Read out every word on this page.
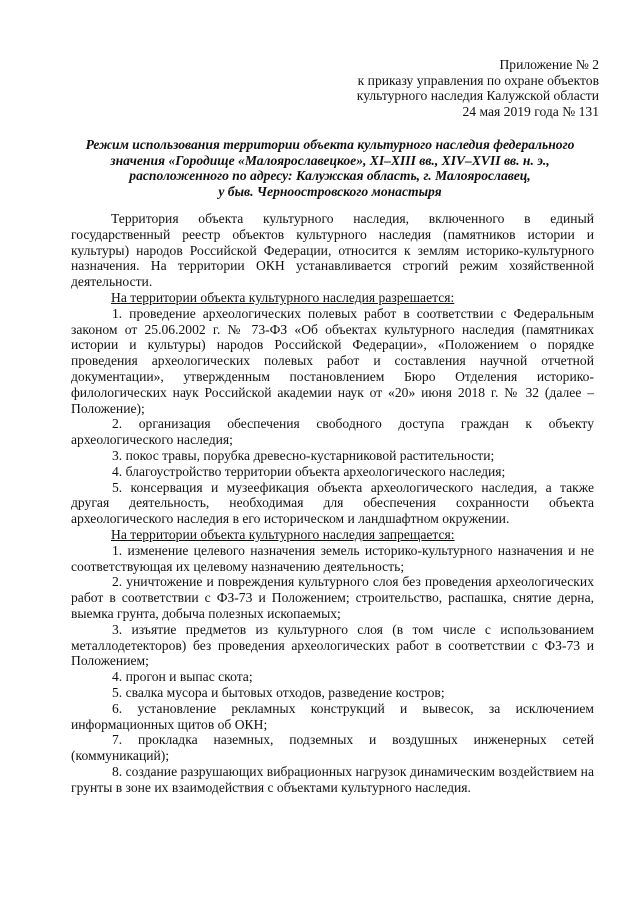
Приложение № 2
к приказу управления по охране объектов
культурного наследия Калужской области
24 мая 2019 года № 131
Режим использования территории объекта культурного наследия федерального
значения «Городище «Малоярославецкое», XI–XIII вв., XIV–XVII вв. н. э.,
расположенного по адресу: Калужская область, г. Малоярославец,
у быв. Черноостровского монастыря

Территория объекта культурного наследия, включенного в единый государственный реестр объектов культурного наследия (памятников истории и культуры) народов Российской Федерации, относится к землям историко-культурного назначения. На территории ОКН устанавливается строгий режим хозяйственной деятельности.

На территории объекта культурного наследия разрешается:

1. проведение археологических полевых работ в соответствии с Федеральным законом от 25.06.2002 г. № 73-ФЗ «Об объектах культурного наследия (памятниках истории и культуры) народов Российской Федерации», «Положением о порядке проведения археологических полевых работ и составления научной отчетной документации», утвержденным постановлением Бюро Отделения историко-филологических наук Российской академии наук от «20» июня 2018 г. № 32 (далее – Положение);

2. организация обеспечения свободного доступа граждан к объекту археологического наследия;

3. покос травы, порубка древесно-кустарниковой растительности;

4. благоустройство территории объекта археологического наследия;

5. консервация и музеефикация объекта археологического наследия, а также другая деятельность, необходимая для обеспечения сохранности объекта археологического наследия в его историческом и ландшафтном окружении.

На территории объекта культурного наследия запрещается:

1. изменение целевого назначения земель историко-культурного назначения и не соответствующая их целевому назначению деятельность;

2. уничтожение и повреждения культурного слоя без проведения археологических работ в соответствии с ФЗ-73 и Положением; строительство, распашка, снятие дерна, выемка грунта, добыча полезных ископаемых;

3. изъятие предметов из культурного слоя (в том числе с использованием металлодетекторов) без проведения археологических работ в соответствии с ФЗ-73 и Положением;

4. прогон и выпас скота;

5. свалка мусора и бытовых отходов, разведение костров;

6. установление рекламных конструкций и вывесок, за исключением информационных щитов об ОКН;

7. прокладка наземных, подземных и воздушных инженерных сетей (коммуникаций);

8. создание разрушающих вибрационных нагрузок динамическим воздействием на грунты в зоне их взаимодействия с объектами культурного наследия.
